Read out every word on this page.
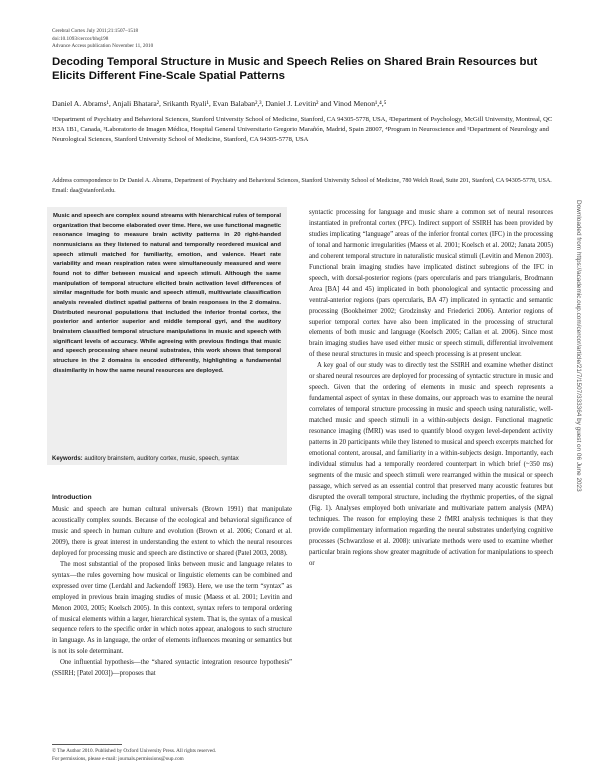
Cerebral Cortex July 2011;21:1507–1518
doi:10.1093/cercor/bhq198
Advance Access publication November 11, 2010
Decoding Temporal Structure in Music and Speech Relies on Shared Brain Resources but Elicits Different Fine-Scale Spatial Patterns
Daniel A. Abrams¹, Anjali Bhatara², Srikanth Ryali¹, Evan Balaban²,³, Daniel J. Levitin² and Vinod Menon¹,⁴,⁵
¹Department of Psychiatry and Behavioral Sciences, Stanford University School of Medicine, Stanford, CA 94305-5778, USA, ²Department of Psychology, McGill University, Montreal, QC H3A 1B1, Canada, ³Laboratorio de Imagen Médica, Hospital General Universitario Gregorio Marañón, Madrid, Spain 28007, ⁴Program in Neuroscience and ⁵Department of Neurology and Neurological Sciences, Stanford University School of Medicine, Stanford, CA 94305-5778, USA
Address correspondence to Dr Daniel A. Abrams, Department of Psychiatry and Behavioral Sciences, Stanford University School of Medicine, 780 Welch Road, Suite 201, Stanford, CA 94305-5778, USA. Email: daa@stanford.edu.
Music and speech are complex sound streams with hierarchical rules of temporal organization that become elaborated over time. Here, we use functional magnetic resonance imaging to measure brain activity patterns in 20 right-handed nonmusicians as they listened to natural and temporally reordered musical and speech stimuli matched for familiarity, emotion, and valence. Heart rate variability and mean respiration rates were simultaneously measured and were found not to differ between musical and speech stimuli. Although the same manipulation of temporal structure elicited brain activation level differences of similar magnitude for both music and speech stimuli, multivariate classification analysis revealed distinct spatial patterns of brain responses in the 2 domains. Distributed neuronal populations that included the inferior frontal cortex, the posterior and anterior superior and middle temporal gyri, and the auditory brainstem classified temporal structure manipulations in music and speech with significant levels of accuracy. While agreeing with previous findings that music and speech processing share neural substrates, this work shows that temporal structure in the 2 domains is encoded differently, highlighting a fundamental dissimilarity in how the same neural resources are deployed.
Keywords: auditory brainstem, auditory cortex, music, speech, syntax
Introduction

Music and speech are human cultural universals (Brown 1991) that manipulate acoustically complex sounds. Because of the ecological and behavioral significance of music and speech in human culture and evolution (Brown et al. 2006; Conard et al. 2009), there is great interest in understanding the extent to which the neural resources deployed for processing music and speech are distinctive or shared (Patel 2003, 2008).

The most substantial of the proposed links between music and language relates to syntax—the rules governing how musical or linguistic elements can be combined and expressed over time (Lerdahl and Jackendoff 1983). Here, we use the term “syntax” as employed in previous brain imaging studies of music (Maess et al. 2001; Levitin and Menon 2003, 2005; Koelsch 2005). In this context, syntax refers to temporal ordering of musical elements within a larger, hierarchical system. That is, the syntax of a musical sequence refers to the specific order in which notes appear, analogous to such structure in language. As in language, the order of elements influences meaning or semantics but is not its sole determinant.

One influential hypothesis—the “shared syntactic integration resource hypothesis” (SSIRH; [Patel 2003])—proposes that

syntactic processing for language and music share a common set of neural resources instantiated in prefrontal cortex (PFC). Indirect support of SSIRH has been provided by studies implicating “language” areas of the inferior frontal cortex (IFC) in the processing of tonal and harmonic irregularities (Maess et al. 2001; Koelsch et al. 2002; Janata 2005) and coherent temporal structure in naturalistic musical stimuli (Levitin and Menon 2003). Functional brain imaging studies have implicated distinct subregions of the IFC in speech, with dorsal-posterior regions (pars opercularis and pars triangularis, Brodmann Area [BA] 44 and 45) implicated in both phonological and syntactic processing and ventral-anterior regions (pars opercularis, BA 47) implicated in syntactic and semantic processing (Bookheimer 2002; Grodzinsky and Friederici 2006). Anterior regions of superior temporal cortex have also been implicated in the processing of structural elements of both music and language (Koelsch 2005; Callan et al. 2006). Since most brain imaging studies have used either music or speech stimuli, differential involvement of these neural structures in music and speech processing is at present unclear.

A key goal of our study was to directly test the SSIRH and examine whether distinct or shared neural resources are deployed for processing of syntactic structure in music and speech. Given that the ordering of elements in music and speech represents a fundamental aspect of syntax in these domains, our approach was to examine the neural correlates of temporal structure processing in music and speech using naturalistic, well-matched music and speech stimuli in a within-subjects design. Functional magnetic resonance imaging (fMRI) was used to quantify blood oxygen level-dependent activity patterns in 20 participants while they listened to musical and speech excerpts matched for emotional content, arousal, and familiarity in a within-subjects design. Importantly, each individual stimulus had a temporally reordered counterpart in which brief (~350 ms) segments of the music and speech stimuli were rearranged within the musical or speech passage, which served as an essential control that preserved many acoustic features but disrupted the overall temporal structure, including the rhythmic properties, of the signal (Fig. 1). Analyses employed both univariate and multivariate pattern analysis (MPA) techniques. The reason for employing these 2 fMRI analysis techniques is that they provide complimentary information regarding the neural substrates underlying cognitive processes (Schwarzlose et al. 2008): univariate methods were used to examine whether particular brain regions show greater magnitude of activation for manipulations to speech or

© The Author 2010. Published by Oxford University Press. All rights reserved.
For permissions, please e-mail: journals.permissions@oup.com
Downloaded from https://academic.oup.com/cercor/article/21/7/1507/333364 by guest on 06 June 2023
